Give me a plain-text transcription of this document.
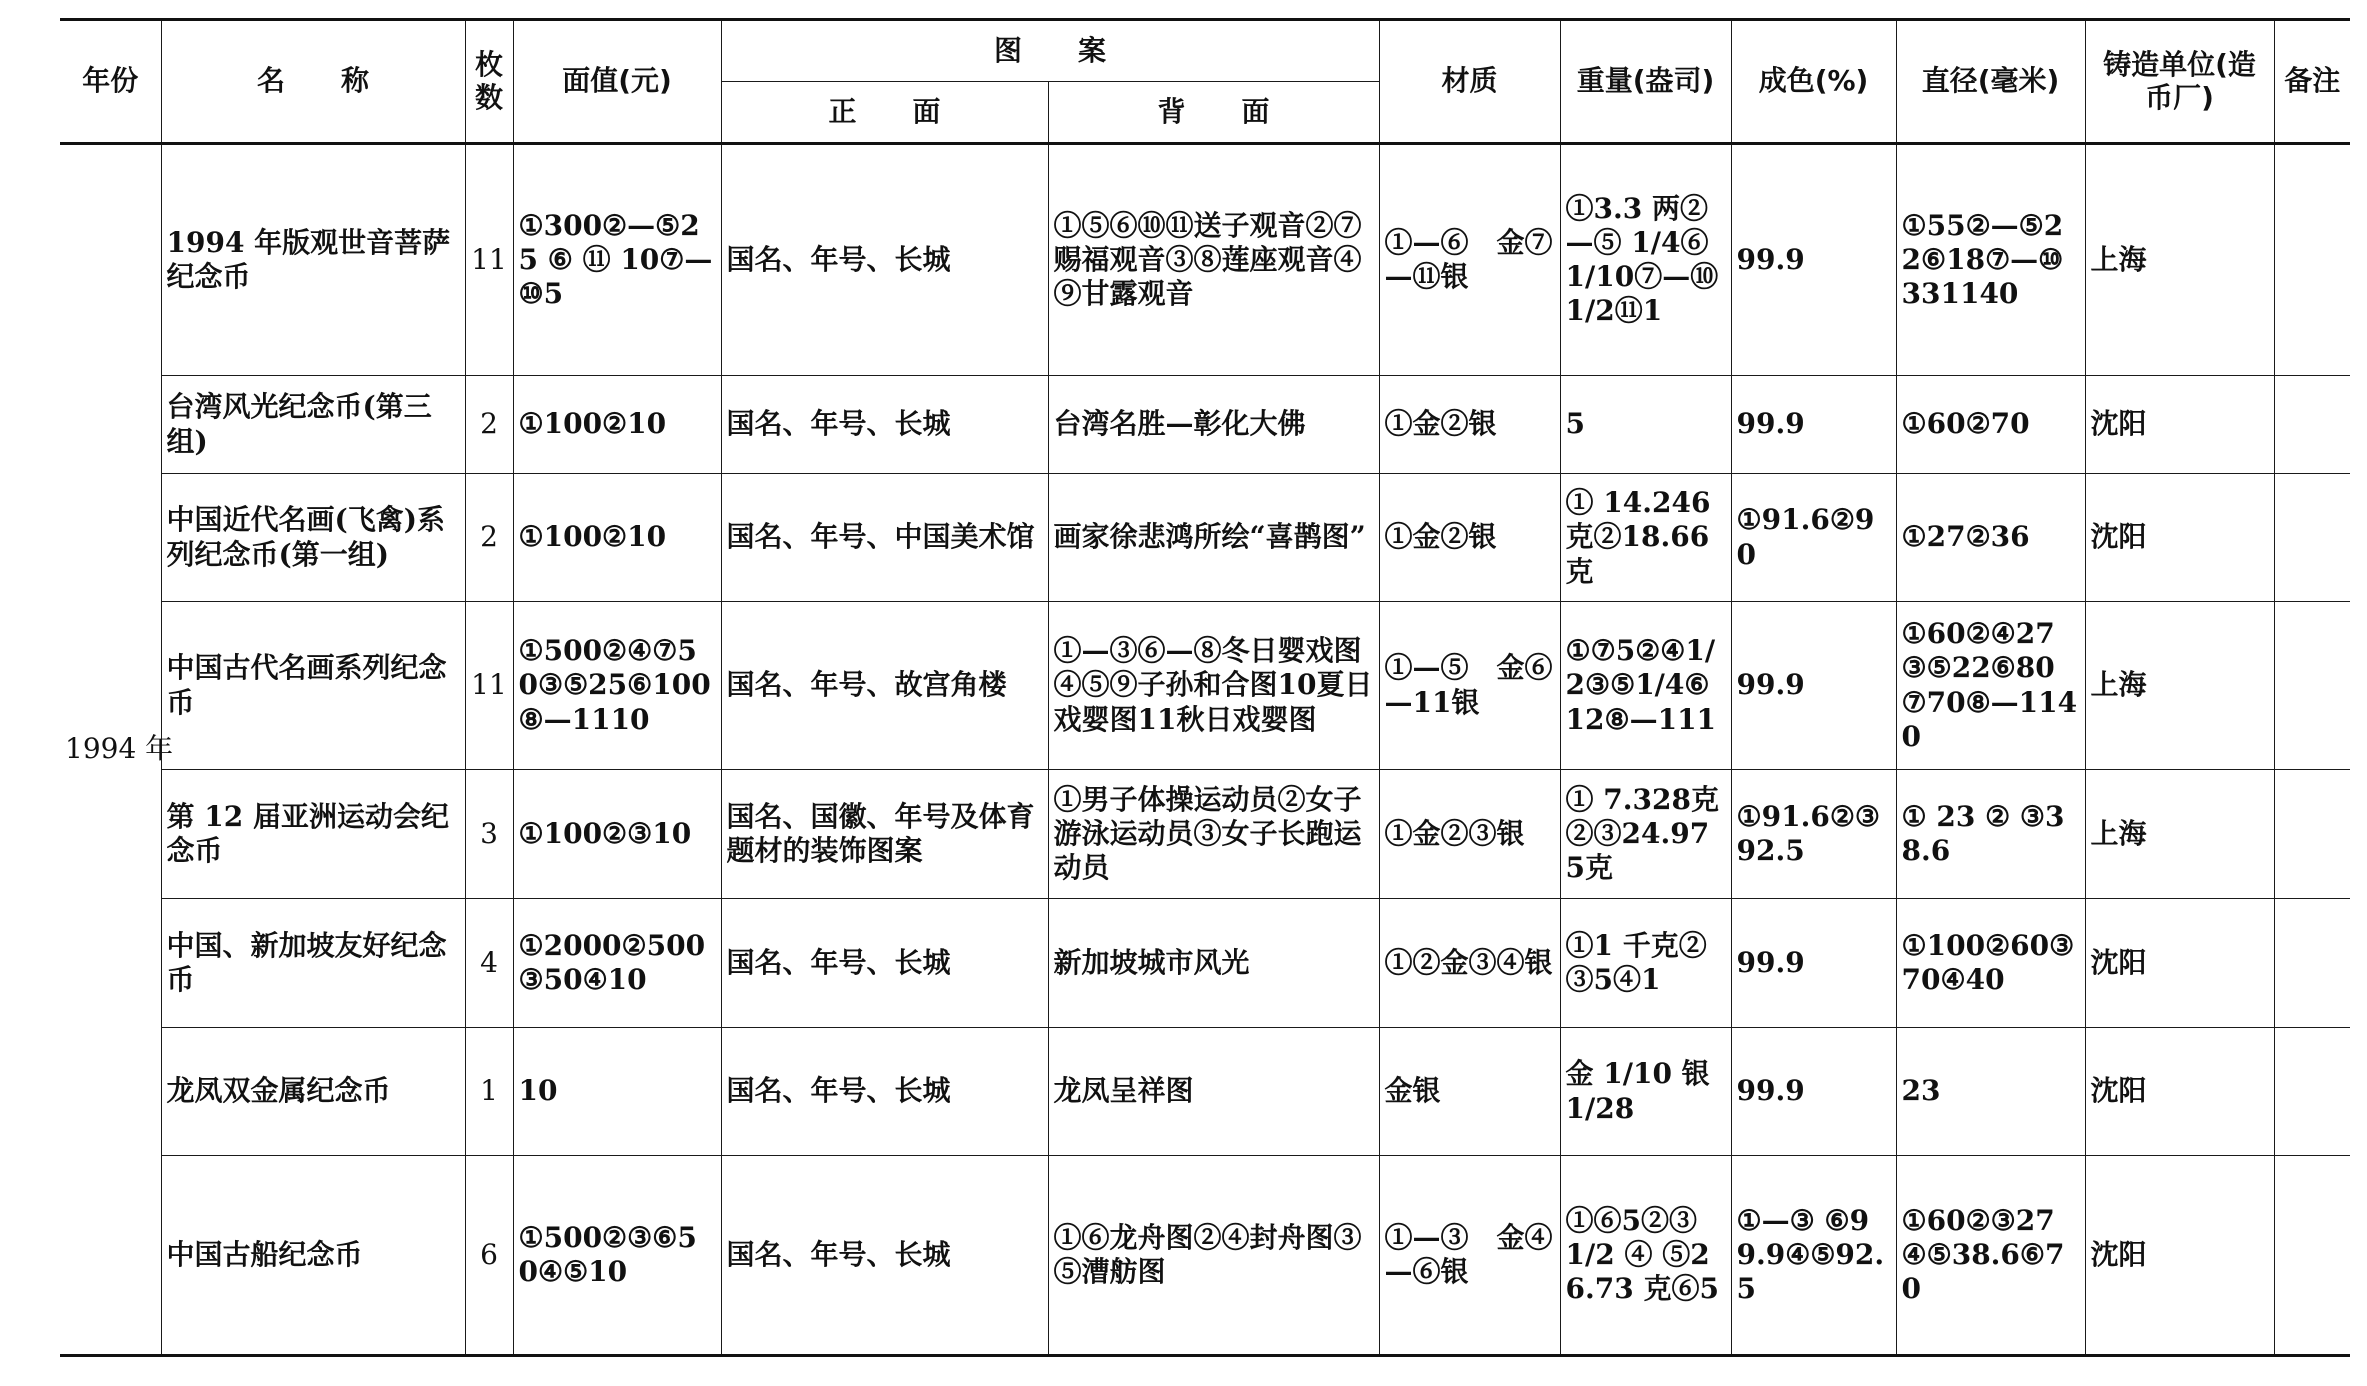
年份	名　　称	枚数	面值(元)	图　　案		材质	重量(盎司)	成色(%)	直径(毫米)	铸造单位(造币厂)	备注
				正　　面	背　　面						
1994 年	1994 年版观世音菩萨纪念币	11	①300②—⑤25 ⑥ ⑪ 10⑦—⑩5	国名、年号、长城	①⑤⑥⑩⑪送子观音②⑦赐福观音③⑧莲座观音④⑨甘露观音	①—⑥　金⑦—⑪银	①3.3 两②—⑤ 1/4⑥　1/10⑦—⑩ 1/2⑪1	99.9	①55②—⑤22⑥18⑦—⑩331140	上海	
	台湾风光纪念币(第三组)	2	①100②10	国名、年号、长城	台湾名胜—彰化大佛	①金②银	5	99.9	①60②70	沈阳	
	中国近代名画(飞禽)系列纪念币(第一组)	2	①100②10	国名、年号、中国美术馆	画家徐悲鸿所绘“喜鹊图”	①金②银	① 14.246克②18.66克	①91.6②90	①27②36	沈阳	
	中国古代名画系列纪念币	11	①500②④⑦50③⑤25⑥100⑧—1110	国名、年号、故宫角楼	①—③⑥—⑧冬日婴戏图④⑤⑨子孙和合图10夏日戏婴图11秋日戏婴图	①—⑤　金⑥—11银	①⑦5②④1/2③⑤1/4⑥12⑧—111	99.9	①60②④27③⑤22⑥80⑦70⑧—1140	上海	
	第 12 届亚洲运动会纪念币	3	①100②③10	国名、国徽、年号及体育题材的装饰图案	①男子体操运动员②女子游泳运动员③女子长跑运动员	①金②③银	① 7.328克②③24.975克	①91.6②③92.5	① 23 ② ③38.6	上海	
	中国、新加坡友好纪念币	4	①2000②500③50④10	国名、年号、长城	新加坡城市风光	①②金③④银	①1 千克②③5④1	99.9	①100②60③70④40	沈阳	
	龙凤双金属纪念币	1	10	国名、年号、长城	龙凤呈祥图	金银	金 1/10 银1/28	99.9	23	沈阳	
	中国古船纪念币	6	①500②③⑥50④⑤10	国名、年号、长城	①⑥龙舟图②④封舟图③⑤漕舫图	①—③　金④—⑥银	①⑥5②③1/2 ④ ⑤26.73 克⑥5	①—③ ⑥99.9④⑤92.5	①60②③27④⑤38.6⑥70	沈阳	
